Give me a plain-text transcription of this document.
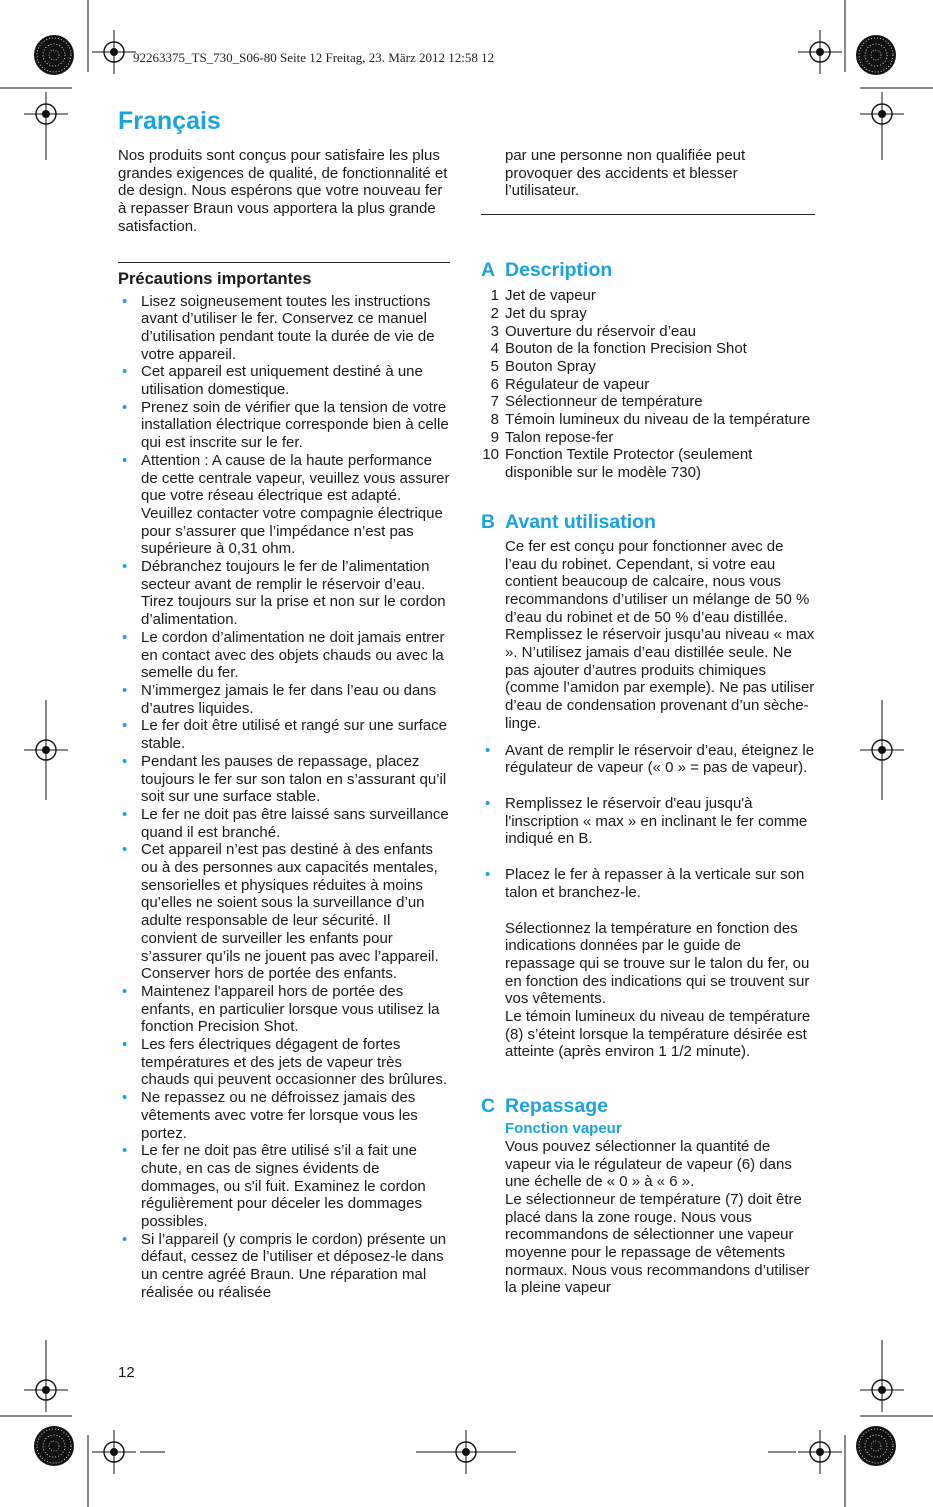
92263375_TS_730_S06-80 Seite 12 Freitag, 23. März 2012 12:58 12
Français

Nos produits sont conçus pour satisfaire les plus grandes exigences de qualité, de fonctionnalité et de design. Nous espérons que votre nouveau fer à repasser Braun vous apportera la plus grande satisfaction.

Précautions importantes

• Lisez soigneusement toutes les instructions avant d’utiliser le fer. Conservez ce manuel d’utilisation pendant toute la durée de vie de votre appareil.
• Cet appareil est uniquement destiné à une utilisation domestique.
• Prenez soin de vérifier que la tension de votre installation électrique corresponde bien à celle qui est inscrite sur le fer.
• Attention : A cause de la haute performance de cette centrale vapeur, veuillez vous assurer que votre réseau électrique est adapté. Veuillez contacter votre compagnie électrique pour s’assurer que l’impédance n’est pas supérieure à 0,31 ohm.
• Débranchez toujours le fer de l’alimentation secteur avant de remplir le réservoir d’eau. Tirez toujours sur la prise et non sur le cordon d’alimentation.
• Le cordon d’alimentation ne doit jamais entrer en contact avec des objets chauds ou avec la semelle du fer.
• N’immergez jamais le fer dans l’eau ou dans d’autres liquides.
• Le fer doit être utilisé et rangé sur une surface stable.
• Pendant les pauses de repassage, placez toujours le fer sur son talon en s’assurant qu’il soit sur une surface stable.
• Le fer ne doit pas être laissé sans surveillance quand il est branché.
• Cet appareil n’est pas destiné à des enfants ou à des personnes aux capacités mentales, sensorielles et physiques réduites à moins qu’elles ne soient sous la surveillance d’un adulte responsable de leur sécurité. Il convient de surveiller les enfants pour s’assurer qu’ils ne jouent pas avec l’appareil. Conserver hors de portée des enfants.
• Maintenez l'appareil hors de portée des enfants, en particulier lorsque vous utilisez la fonction Precision Shot.
• Les fers électriques dégagent de fortes températures et des jets de vapeur très chauds qui peuvent occasionner des brûlures.
• Ne repassez ou ne défroissez jamais des vêtements avec votre fer lorsque vous les portez.
• Le fer ne doit pas être utilisé s’il a fait une chute, en cas de signes évidents de dommages, ou s'il fuit. Examinez le cordon régulièrement pour déceler les dommages possibles.
• Si l’appareil (y compris le cordon) présente un défaut, cessez de l’utiliser et déposez-le dans un centre agréé Braun. Une réparation mal réalisée ou réalisée
12

par une personne non qualifiée peut provoquer des accidents et blesser l’utilisateur.

A Description
1 Jet de vapeur
2 Jet du spray
3 Ouverture du réservoir d’eau
4 Bouton de la fonction Precision Shot
5 Bouton Spray
6 Régulateur de vapeur
7 Sélectionneur de température
8 Témoin lumineux du niveau de la température
9 Talon repose-fer
10 Fonction Textile Protector (seulement disponible sur le modèle 730)
B Avant utilisation

Ce fer est conçu pour fonctionner avec de l’eau du robinet. Cependant, si votre eau contient beaucoup de calcaire, nous vous recommandons d’utiliser un mélange de 50 % d’eau du robinet et de 50 % d’eau distillée. Remplissez le réservoir jusqu’au niveau « max ». N’utilisez jamais d’eau distillée seule. Ne pas ajouter d’autres produits chimiques (comme l’amidon par exemple). Ne pas utiliser d’eau de condensation provenant d’un sèche-linge.

• Avant de remplir le réservoir d’eau, éteignez le régulateur de vapeur (« 0 » = pas de vapeur).
• Remplissez le réservoir d'eau jusqu'à l'inscription « max » en inclinant le fer comme indiqué en B.
• Placez le fer à repasser à la verticale sur son talon et branchez-le.

Sélectionnez la température en fonction des indications données par le guide de repassage qui se trouve sur le talon du fer, ou en fonction des indications qui se trouvent sur vos vêtements.

Le témoin lumineux du niveau de température (8) s’éteint lorsque la température désirée est atteinte (après environ 1 1/2 minute).

C Repassage

Fonction vapeur

Vous pouvez sélectionner la quantité de vapeur via le régulateur de vapeur (6) dans une échelle de « 0 » à « 6 ».

Le sélectionneur de température (7) doit être placé dans la zone rouge. Nous vous recommandons de sélectionner une vapeur moyenne pour le repassage de vêtements normaux. Nous vous recommandons d’utiliser la pleine vapeur
